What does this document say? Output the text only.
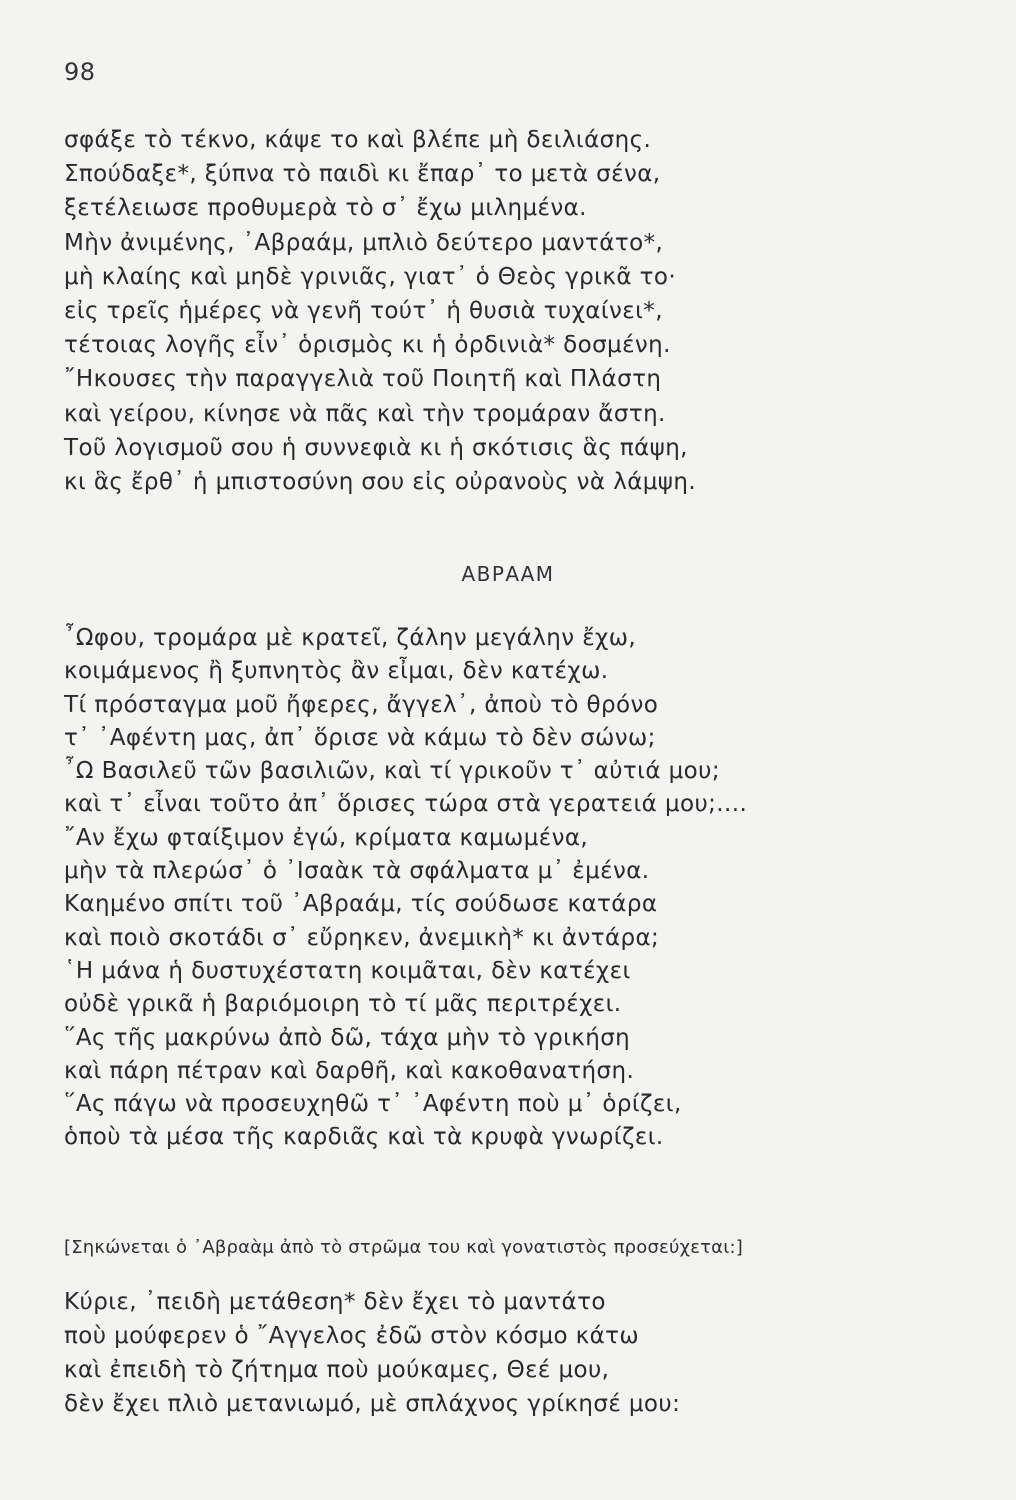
98
σφάξε τὸ τέκνο, κάψε το καὶ βλέπε μὴ δειλιάσης.
Σπούδαξε*, ξύπνα τὸ παιδὶ κι ἔπαρ᾽ το μετὰ σένα,
ξετέλειωσε προθυμερὰ τὸ σ᾽ ἔχω μιλημένα.
Μὴν ἀνιμένης, ᾽Αβραάμ, μπλιὸ δεύτερο μαντάτο*,
μὴ κλαίης καὶ μηδὲ γρινιᾶς, γιατ᾽ ὁ Θεὸς γρικᾶ το·
εἰς τρεῖς ἡμέρες νὰ γενῆ τούτ᾽ ἡ θυσιὰ τυχαίνει*,
τέτοιας λογῆς εἶν᾽ ὁρισμὸς κι ἡ ὀρδινιὰ* δοσμένη.
῎Ηκουσες τὴν παραγγελιὰ τοῦ Ποιητῆ καὶ Πλάστη
καὶ γείρου, κίνησε νὰ πᾶς καὶ τὴν τρομάραν ἄστη.
Τοῦ λογισμοῦ σου ἡ συννεφιὰ κι ἡ σκότισις ἃς πάψη,
κι ἃς ἔρθ᾽ ἡ μπιστοσύνη σου εἰς οὐρανοὺς νὰ λάμψη.
ΑΒΡΑΑΜ
῏Ωφου, τρομάρα μὲ κρατεῖ, ζάλην μεγάλην ἔχω,
κοιμάμενος ἢ ξυπνητὸς ἂν εἶμαι, δὲν κατέχω.
Τί πρόσταγμα μοῦ ἤφερες, ἄγγελ᾽, ἀποὺ τὸ θρόνο
τ᾽ ᾽Αφέντη μας, ἀπ᾽ ὅρισε νὰ κάμω τὸ δὲν σώνω;
῏Ω Βασιλεῦ τῶν βασιλιῶν, καὶ τί γρικοῦν τ᾽ αὐτιά μου;
καὶ τ᾽ εἶναι τοῦτο ἀπ᾽ ὅρισες τώρα στὰ γερατειά μου;....
῎Αν ἔχω φταίξιμον ἐγώ, κρίματα καμωμένα,
μὴν τὰ πλερώσ᾽ ὁ ᾽Ισαὰκ τὰ σφάλματα μ᾽ ἐμένα.
Καημένο σπίτι τοῦ ᾽Αβραάμ, τίς σούδωσε κατάρα
καὶ ποιὸ σκοτάδι σ᾽ εὔρηκεν, ἀνεμικὴ* κι ἀντάρα;
῾Η μάνα ἡ δυστυχέστατη κοιμᾶται, δὲν κατέχει
οὐδὲ γρικᾶ ἡ βαριόμοιρη τὸ τί μᾶς περιτρέχει.
῞Ας τῆς μακρύνω ἀπὸ δῶ, τάχα μὴν τὸ γρικήση
καὶ πάρη πέτραν καὶ δαρθῆ, καὶ κακοθανατήση.
῞Ας πάγω νὰ προσευχηθῶ τ᾽ ᾽Αφέντη ποὺ μ᾽ ὁρίζει,
ὁποὺ τὰ μέσα τῆς καρδιᾶς καὶ τὰ κρυφὰ γνωρίζει.
[Σηκώνεται ὁ ᾽Αβραὰμ ἀπὸ τὸ στρῶμα του καὶ γονατιστὸς προσεύχεται:]
Κύριε, ᾽πειδὴ μετάθεση* δὲν ἔχει τὸ μαντάτο
ποὺ μούφερεν ὁ ῎Αγγελος ἐδῶ στὸν κόσμο κάτω
καὶ ἐπειδὴ τὸ ζήτημα ποὺ μούκαμες, Θεέ μου,
δὲν ἔχει πλιὸ μετανιωμό, μὲ σπλάχνος γρίκησέ μου:
